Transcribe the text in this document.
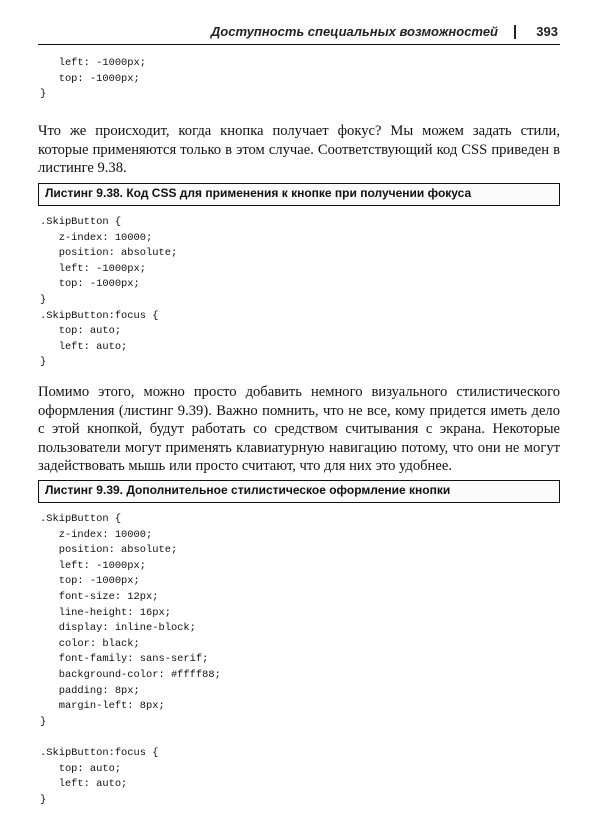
Доступность специальных возможностей	393
left: -1000px;
top: -1000px;
}

Что же происходит, когда кнопка получает фокус? Мы можем задать стили, которые применяются только в этом случае. Соответствующий код CSS приведен в листинге 9.38.

Листинг 9.38. Код CSS для применения к кнопке при получении фокуса
.SkipButton {
z-index: 10000;
position: absolute;
left: -1000px;
top: -1000px;
}
.SkipButton:focus {
top: auto;
left: auto;
}

Помимо этого, можно просто добавить немного визуального стилистического оформления (листинг 9.39). Важно помнить, что не все, кому придется иметь дело с этой кнопкой, будут работать со средством считывания с экрана. Некоторые пользователи могут применять клавиатурную навигацию потому, что они не могут задействовать мышь или просто считают, что для них это удобнее.

Листинг 9.39. Дополнительное стилистическое оформление кнопки
.SkipButton {
z-index: 10000;
position: absolute;
left: -1000px;
top: -1000px;
font-size: 12px;
line-height: 16px;
display: inline-block;
color: black;
font-family: sans-serif;
background-color: #ffff88;
padding: 8px;
margin-left: 8px;
}

.SkipButton:focus {
top: auto;
left: auto;
}
